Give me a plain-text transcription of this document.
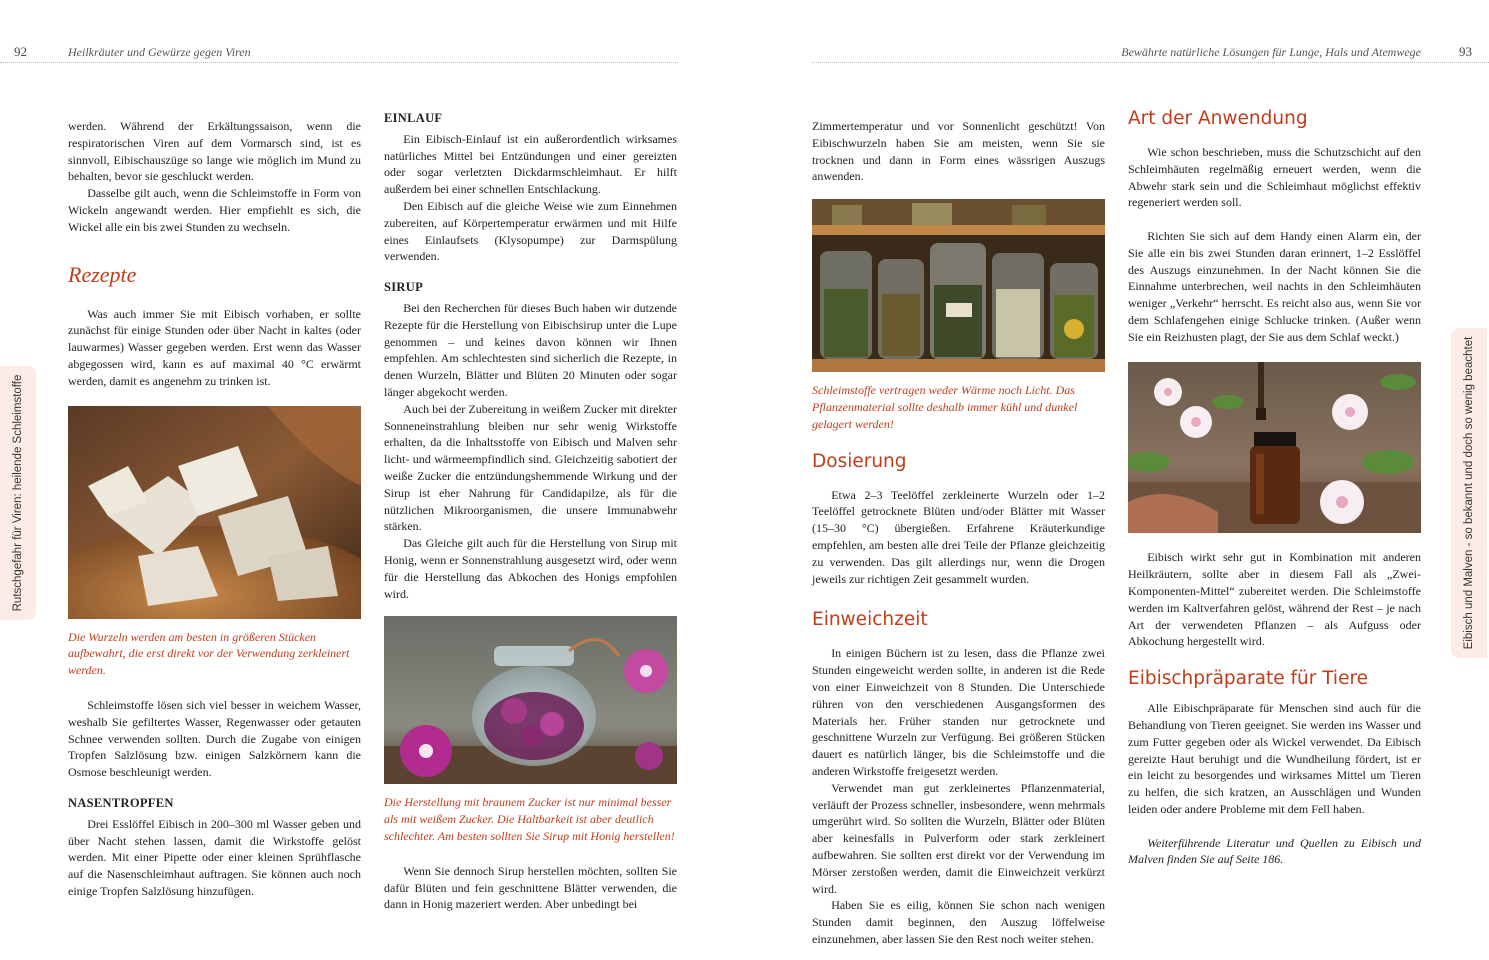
92	Heilkräuter und Gewürze gegen Viren
Rutschgefahr für Viren: heilende Schleimstoffe

werden. Während der Erkältungssaison, wenn die respiratorischen Viren auf dem Vormarsch sind, ist es sinnvoll, Eibischauszüge so lange wie möglich im Mund zu behalten, bevor sie geschluckt werden.

Dasselbe gilt auch, wenn die Schleimstoffe in Form von Wickeln angewandt werden. Hier empfiehlt es sich, die Wickel alle ein bis zwei Stunden zu wechseln.

Rezepte

Was auch immer Sie mit Eibisch vorhaben, er sollte zunächst für einige Stunden oder über Nacht in kaltes (oder lauwarmes) Wasser gegeben werden. Erst wenn das Wasser abgegossen wird, kann es auf maximal 40 °C erwärmt werden, damit es angenehm zu trinken ist.

Die Wurzeln werden am besten in größeren Stücken aufbewahrt, die erst direkt vor der Verwendung zerkleinert werden.

Schleimstoffe lösen sich viel besser in weichem Wasser, weshalb Sie gefiltertes Wasser, Regenwasser oder getauten Schnee verwenden sollten. Durch die Zugabe von einigen Tropfen Salzlösung bzw. einigen Salzkörnern kann die Osmose beschleunigt werden.

NASENTROPFEN

Drei Esslöffel Eibisch in 200–300 ml Wasser geben und über Nacht stehen lassen, damit die Wirkstoffe gelöst werden. Mit einer Pipette oder einer kleinen Sprühflasche auf die Nasenschleimhaut auftragen. Sie können auch noch einige Tropfen Salzlösung hinzufügen.

EINLAUF

Ein Eibisch-Einlauf ist ein außerordentlich wirksames natürliches Mittel bei Entzündungen und einer gereizten oder sogar verletzten Dickdarmschleimhaut. Er hilft außerdem bei einer schnellen Entschlackung.

Den Eibisch auf die gleiche Weise wie zum Einnehmen zubereiten, auf Körpertemperatur erwärmen und mit Hilfe eines Einlaufsets (Klysopumpe) zur Darmspülung verwenden.

SIRUP

Bei den Recherchen für dieses Buch haben wir dutzende Rezepte für die Herstellung von Eibischsirup unter die Lupe genommen – und keines davon können wir Ihnen empfehlen. Am schlechtesten sind sicherlich die Rezepte, in denen Wurzeln, Blätter und Blüten 20 Minuten oder sogar länger abgekocht werden.

Auch bei der Zubereitung in weißem Zucker mit direkter Sonneneinstrahlung bleiben nur sehr wenig Wirkstoffe erhalten, da die Inhaltsstoffe von Eibisch und Malven sehr licht- und wärmeempfindlich sind. Gleichzeitig sabotiert der weiße Zucker die entzündungshemmende Wirkung und der Sirup ist eher Nahrung für Candidapilze, als für die nützlichen Mikroorganismen, die unsere Immunabwehr stärken.

Das Gleiche gilt auch für die Herstellung von Sirup mit Honig, wenn er Sonnenstrahlung ausgesetzt wird, oder wenn für die Herstellung das Abkochen des Honigs empfohlen wird.

Die Herstellung mit braunem Zucker ist nur minimal besser als mit weißem Zucker. Die Haltbarkeit ist aber deutlich schlechter. Am besten sollten Sie Sirup mit Honig herstellen!

Wenn Sie dennoch Sirup herstellen möchten, sollten Sie dafür Blüten und fein geschnittene Blätter verwenden, die dann in Honig mazeriert werden. Aber unbedingt bei

93
Bewährte natürliche Lösungen für Lunge, Hals und Atemwege
Eibisch und Malven - so bekannt und doch so wenig beachtet

Zimmertemperatur und vor Sonnenlicht geschützt! Von Eibischwurzeln haben Sie am meisten, wenn Sie sie trocknen und dann in Form eines wässrigen Auszugs anwenden.

Schleimstoffe vertragen weder Wärme noch Licht. Das Pflanzenmaterial sollte deshalb immer kühl und dunkel gelagert werden!
Dosierung

Etwa 2–3 Teelöffel zerkleinerte Wurzeln oder 1–2 Teelöffel getrocknete Blüten und/oder Blätter mit Wasser (15–30 °C) übergießen. Erfahrene Kräuterkundige empfehlen, am besten alle drei Teile der Pflanze gleichzeitig zu verwenden. Das gilt allerdings nur, wenn die Drogen jeweils zur richtigen Zeit gesammelt wurden.

Einweichzeit

In einigen Büchern ist zu lesen, dass die Pflanze zwei Stunden eingeweicht werden sollte, in anderen ist die Rede von einer Einweichzeit von 8 Stunden. Die Unterschiede rühren von den verschiedenen Ausgangsformen des Materials her. Früher standen nur getrocknete und geschnittene Wurzeln zur Verfügung. Bei größeren Stücken dauert es natürlich länger, bis die Schleimstoffe und die anderen Wirkstoffe freigesetzt werden.

Verwendet man gut zerkleinertes Pflanzenmaterial, verläuft der Prozess schneller, insbesondere, wenn mehrmals umgerührt wird. So sollten die Wurzeln, Blätter oder Blüten aber keinesfalls in Pulverform oder stark zerkleinert aufbewahren. Sie sollten erst direkt vor der Verwendung im Mörser zerstoßen werden, damit die Einweichzeit verkürzt wird.

Haben Sie es eilig, können Sie schon nach wenigen Stunden damit beginnen, den Auszug löffelweise einzunehmen, aber lassen Sie den Rest noch weiter stehen.

Art der Anwendung

Wie schon beschrieben, muss die Schutzschicht auf den Schleimhäuten regelmäßig erneuert werden, wenn die Abwehr stark sein und die Schleimhaut möglichst effektiv regeneriert werden soll.

Richten Sie sich auf dem Handy einen Alarm ein, der Sie alle ein bis zwei Stunden daran erinnert, 1–2 Esslöffel des Auszugs einzunehmen. In der Nacht können Sie die Einnahme unterbrechen, weil nachts in den Schleimhäuten weniger „Verkehr“ herrscht. Es reicht also aus, wenn Sie vor dem Schlafengehen einige Schlucke trinken. (Außer wenn Sie ein Reizhusten plagt, der Sie aus dem Schlaf weckt.)

Eibisch wirkt sehr gut in Kombination mit anderen Heilkräutern, sollte aber in diesem Fall als „Zwei-Komponenten-Mittel“ zubereitet werden. Die Schleimstoffe werden im Kaltverfahren gelöst, während der Rest – je nach Art der verwendeten Pflanzen – als Aufguss oder Abkochung hergestellt wird.

Eibischpräparate für Tiere

Alle Eibischpräparate für Menschen sind auch für die Behandlung von Tieren geeignet. Sie werden ins Wasser und zum Futter gegeben oder als Wickel verwendet. Da Eibisch gereizte Haut beruhigt und die Wundheilung fördert, ist er ein leicht zu besorgendes und wirksames Mittel um Tieren zu helfen, die sich kratzen, an Ausschlägen und Wunden leiden oder andere Probleme mit dem Fell haben.

Weiterführende Literatur und Quellen zu Eibisch und Malven finden Sie auf Seite 186.
